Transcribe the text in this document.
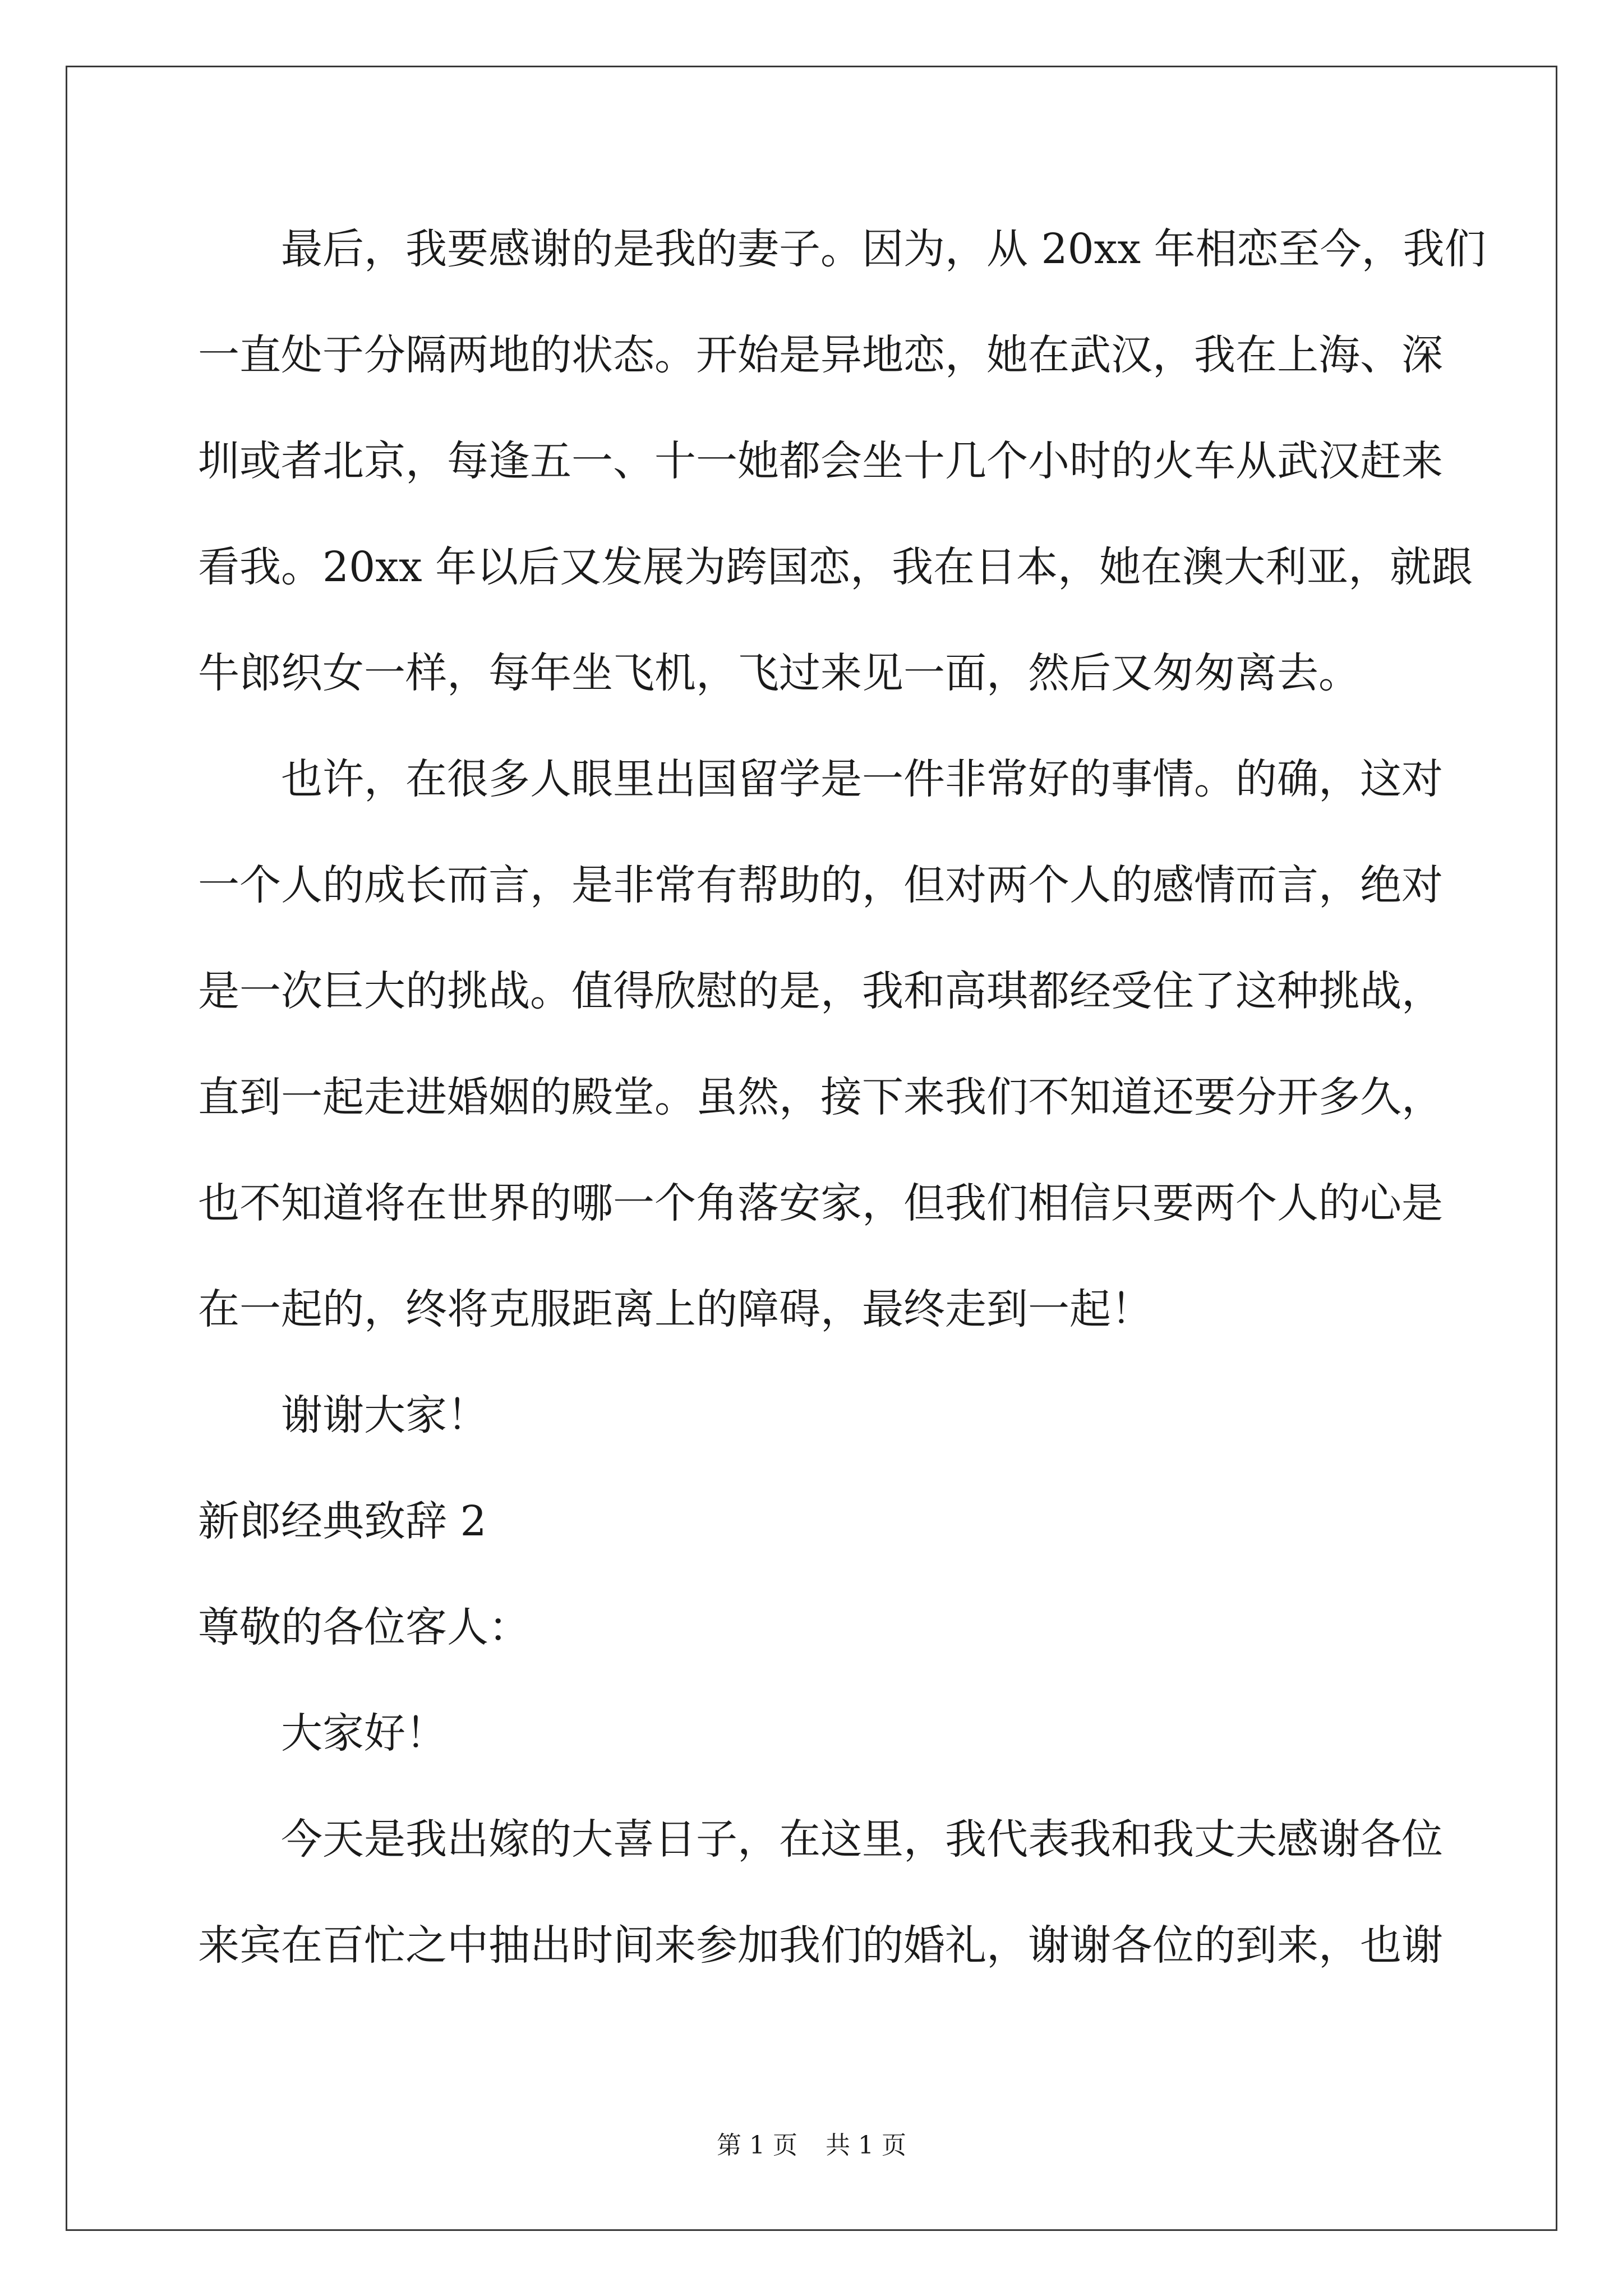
最后，我要感谢的是我的妻子。因为，从 20xx 年相恋至今，我们
一直处于分隔两地的状态。开始是异地恋，她在武汉，我在上海、深
圳或者北京，每逢五一、十一她都会坐十几个小时的火车从武汉赶来
看我。20xx 年以后又发展为跨国恋，我在日本，她在澳大利亚，就跟
牛郎织女一样，每年坐飞机，飞过来见一面，然后又匆匆离去。
也许，在很多人眼里出国留学是一件非常好的事情。的确，这对
一个人的成长而言，是非常有帮助的，但对两个人的感情而言，绝对
是一次巨大的挑战。值得欣慰的是，我和高琪都经受住了这种挑战，
直到一起走进婚姻的殿堂。虽然，接下来我们不知道还要分开多久，
也不知道将在世界的哪一个角落安家，但我们相信只要两个人的心是
在一起的，终将克服距离上的障碍，最终走到一起！
谢谢大家！
新郎经典致辞 2
尊敬的各位客人：
大家好！
今天是我出嫁的大喜日子，在这里，我代表我和我丈夫感谢各位
来宾在百忙之中抽出时间来参加我们的婚礼，谢谢各位的到来，也谢
第 1 页 共 1 页
